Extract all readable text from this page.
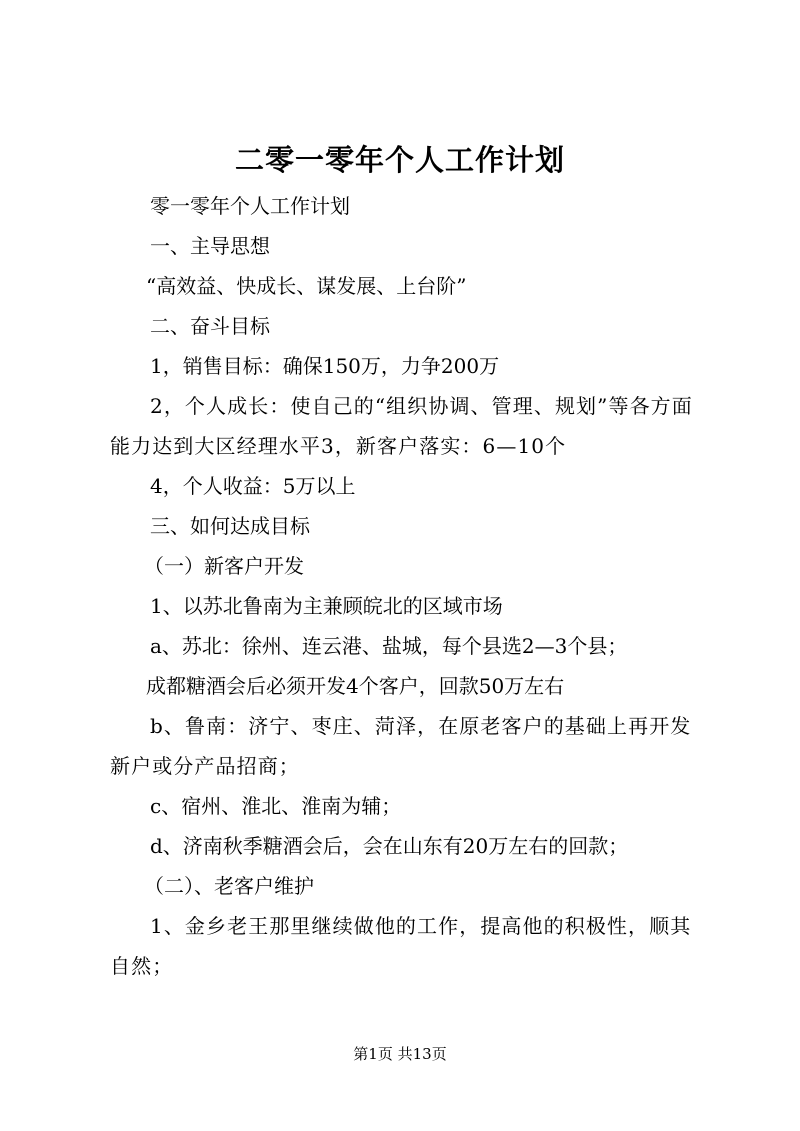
二零一零年个人工作计划

零一零年个人工作计划

一、主导思想

“高效益、快成长、谋发展、上台阶”

二、奋斗目标

1，销售目标：确保150万，力争200万

2，个人成长：使自己的“组织协调、管理、规划”等各方面能力达到大区经理水平3，新客户落实：6—10个

4，个人收益：5万以上

三、如何达成目标

（一）新客户开发

1、以苏北鲁南为主兼顾皖北的区域市场

a、苏北：徐州、连云港、盐城，每个县选2—3个县；

成都糖酒会后必须开发4个客户，回款50万左右

b、鲁南：济宁、枣庄、菏泽，在原老客户的基础上再开发新户或分产品招商；

c、宿州、淮北、淮南为辅；

d、济南秋季糖酒会后，会在山东有20万左右的回款；

（二）、老客户维护

1、金乡老王那里继续做他的工作，提高他的积极性，顺其自然；

第1页 共13页
